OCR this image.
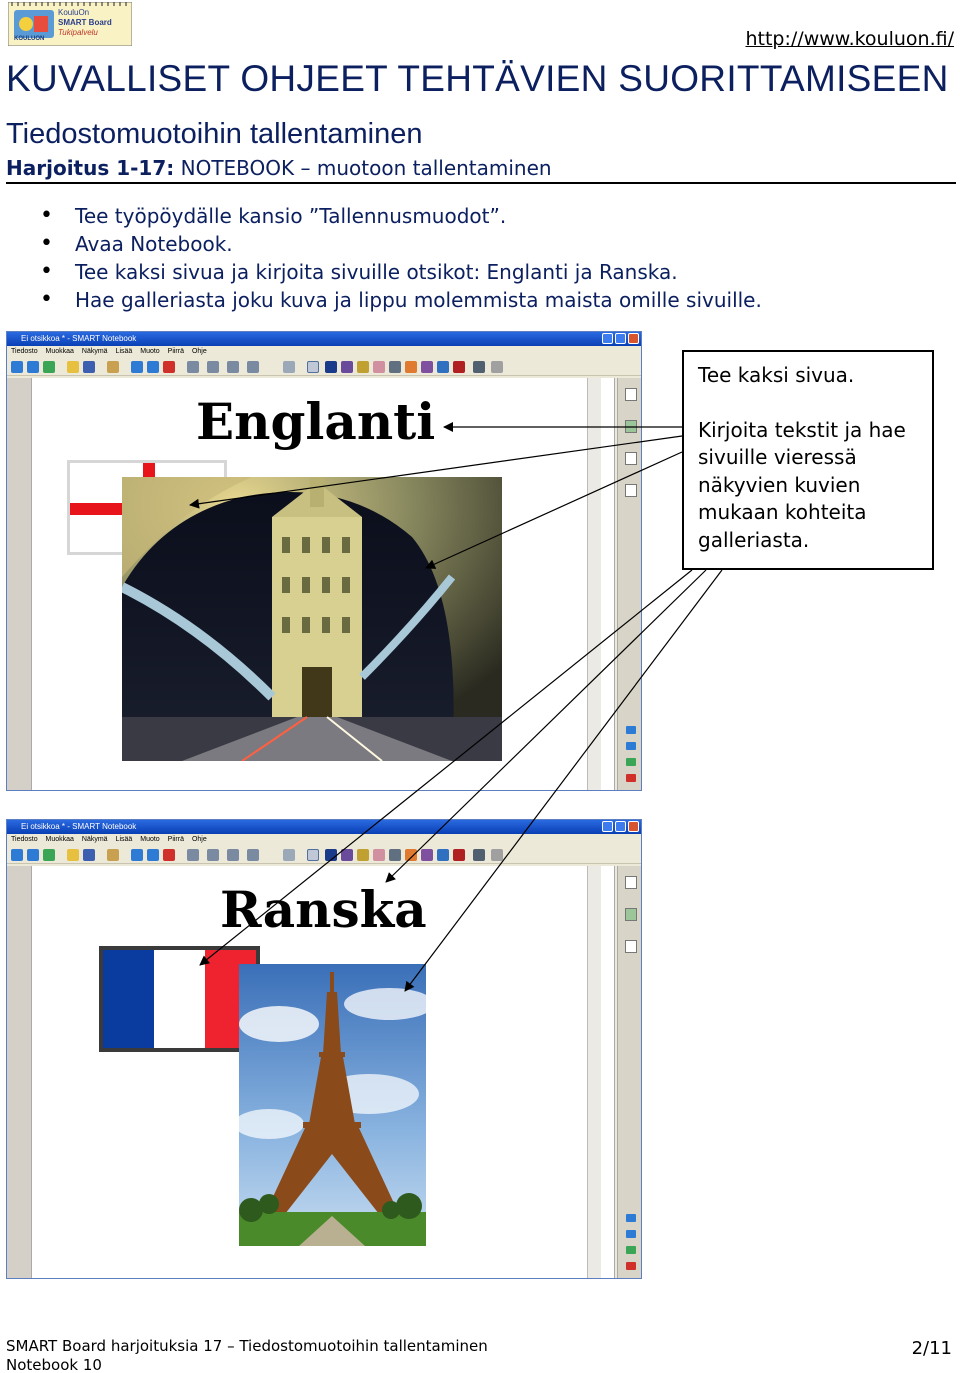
KouluOn
SMART Board
Tukipalvelu
KOULUON	http://www.kouluon.fi/
KUVALLISET OHJEET TEHTÄVIEN SUORITTAMISEEN
Tiedostomuotoihin tallentaminen
Harjoitus 1-17: NOTEBOOK – muotoon tallentaminen
• Tee työpöydälle kansio ”Tallennusmuodot”.
• Avaa Notebook.
• Tee kaksi sivua ja kirjoita sivuille otsikot: Englanti ja Ranska.
• Hae galleriasta joku kuva ja lippu molemmista maista omille sivuille.
Ei otsikkoa * - SMART Notebook
Tiedosto Muokkaa Näkymä Lisää Muoto Piirrä Ohje
Englanti
Ei otsikkoa * - SMART Notebook
Tiedosto Muokkaa Näkymä Lisää Muoto Piirrä Ohje
Ranska

Tee kaksi sivua.

Kirjoita tekstit ja hae sivuille vieressä näkyvien kuvien mukaan kohteita galleriasta.

SMART Board harjoituksia 17 – Tiedostomuotoihin tallentaminen
Notebook 10
2/11
